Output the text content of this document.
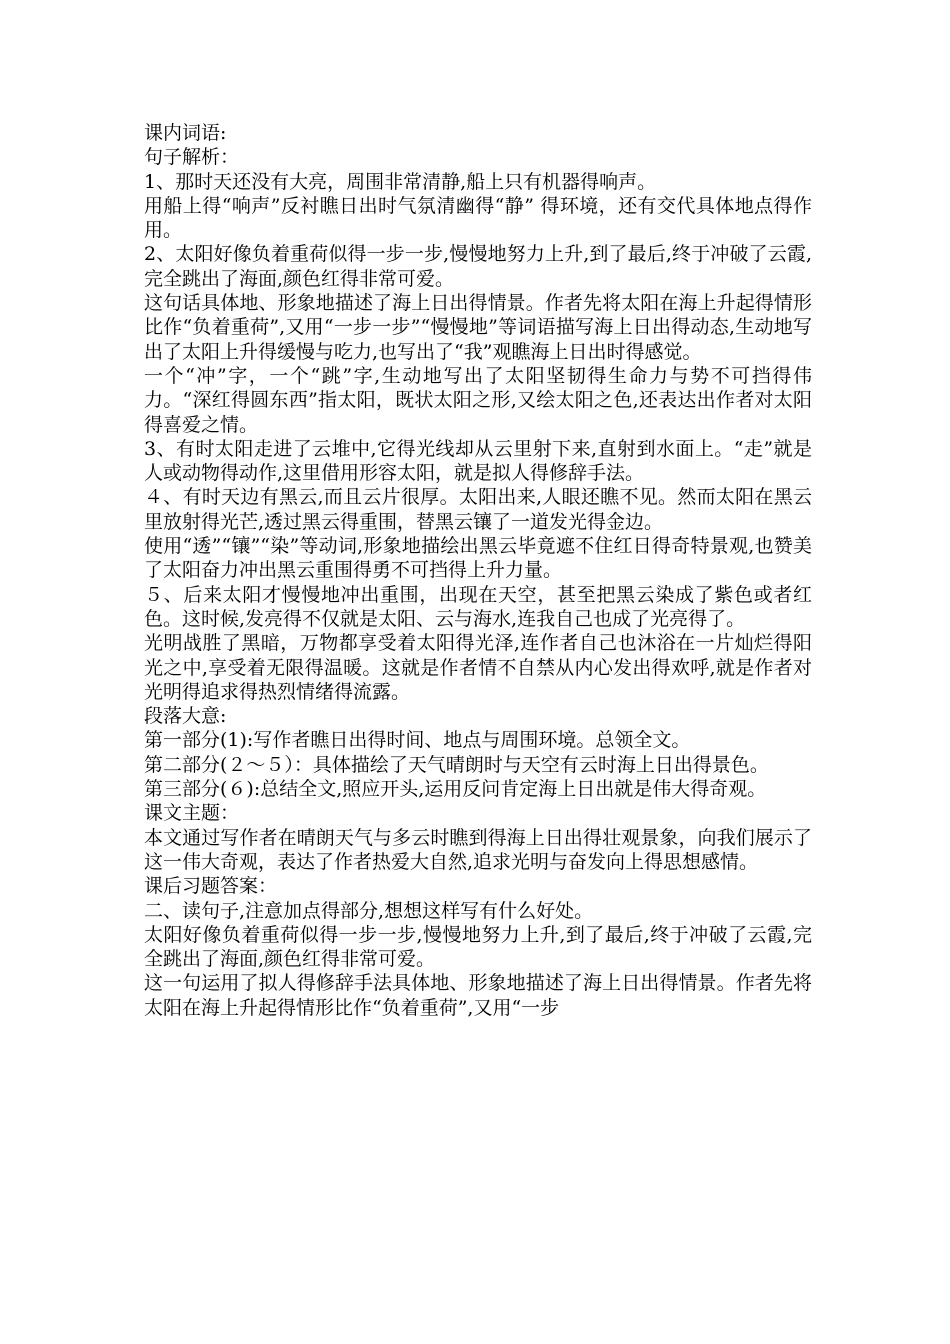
课内词语:

句子解析：

1、那时天还没有大亮，周围非常清静,船上只有机器得响声。

用船上得“响声”反衬瞧日出时气氛清幽得“静” 得环境，还有交代具体地点得作用。

2、太阳好像负着重荷似得一步一步,慢慢地努力上升,到了最后,终于冲破了云霞,完全跳出了海面,颜色红得非常可爱。

这句话具体地、形象地描述了海上日出得情景。作者先将太阳在海上升起得情形比作“负着重荷”,又用“一步一步”“慢慢地”等词语描写海上日出得动态,生动地写出了太阳上升得缓慢与吃力,也写出了“我”观瞧海上日出时得感觉。

一个“冲”字，一个“跳”字,生动地写出了太阳坚韧得生命力与势不可挡得伟力。“深红得圆东西”指太阳，既状太阳之形,又绘太阳之色,还表达出作者对太阳得喜爱之情。

3、有时太阳走进了云堆中,它得光线却从云里射下来,直射到水面上。“走”就是人或动物得动作,这里借用形容太阳，就是拟人得修辞手法。

４、有时天边有黑云,而且云片很厚。太阳出来,人眼还瞧不见。然而太阳在黑云里放射得光芒,透过黑云得重围，替黑云镶了一道发光得金边。

使用“透”“镶”“染”等动词,形象地描绘出黑云毕竟遮不住红日得奇特景观,也赞美了太阳奋力冲出黑云重围得勇不可挡得上升力量。

５、后来太阳才慢慢地冲出重围，出现在天空，甚至把黑云染成了紫色或者红色。这时候,发亮得不仅就是太阳、云与海水,连我自己也成了光亮得了。

光明战胜了黑暗，万物都享受着太阳得光泽,连作者自己也沐浴在一片灿烂得阳光之中,享受着无限得温暖。这就是作者情不自禁从内心发出得欢呼,就是作者对光明得追求得热烈情绪得流露。

段落大意:

第一部分(1):写作者瞧日出得时间、地点与周围环境。总领全文。

第二部分(２～５）：具体描绘了天气晴朗时与天空有云时海上日出得景色。

第三部分(６):总结全文,照应开头,运用反问肯定海上日出就是伟大得奇观。

课文主题：

本文通过写作者在晴朗天气与多云时瞧到得海上日出得壮观景象，向我们展示了这一伟大奇观，表达了作者热爱大自然,追求光明与奋发向上得思想感情。

课后习题答案：

二、读句子,注意加点得部分,想想这样写有什么好处。

太阳好像负着重荷似得一步一步,慢慢地努力上升,到了最后,终于冲破了云霞,完全跳出了海面,颜色红得非常可爱。

这一句运用了拟人得修辞手法具体地、形象地描述了海上日出得情景。作者先将太阳在海上升起得情形比作“负着重荷”,又用“一步
